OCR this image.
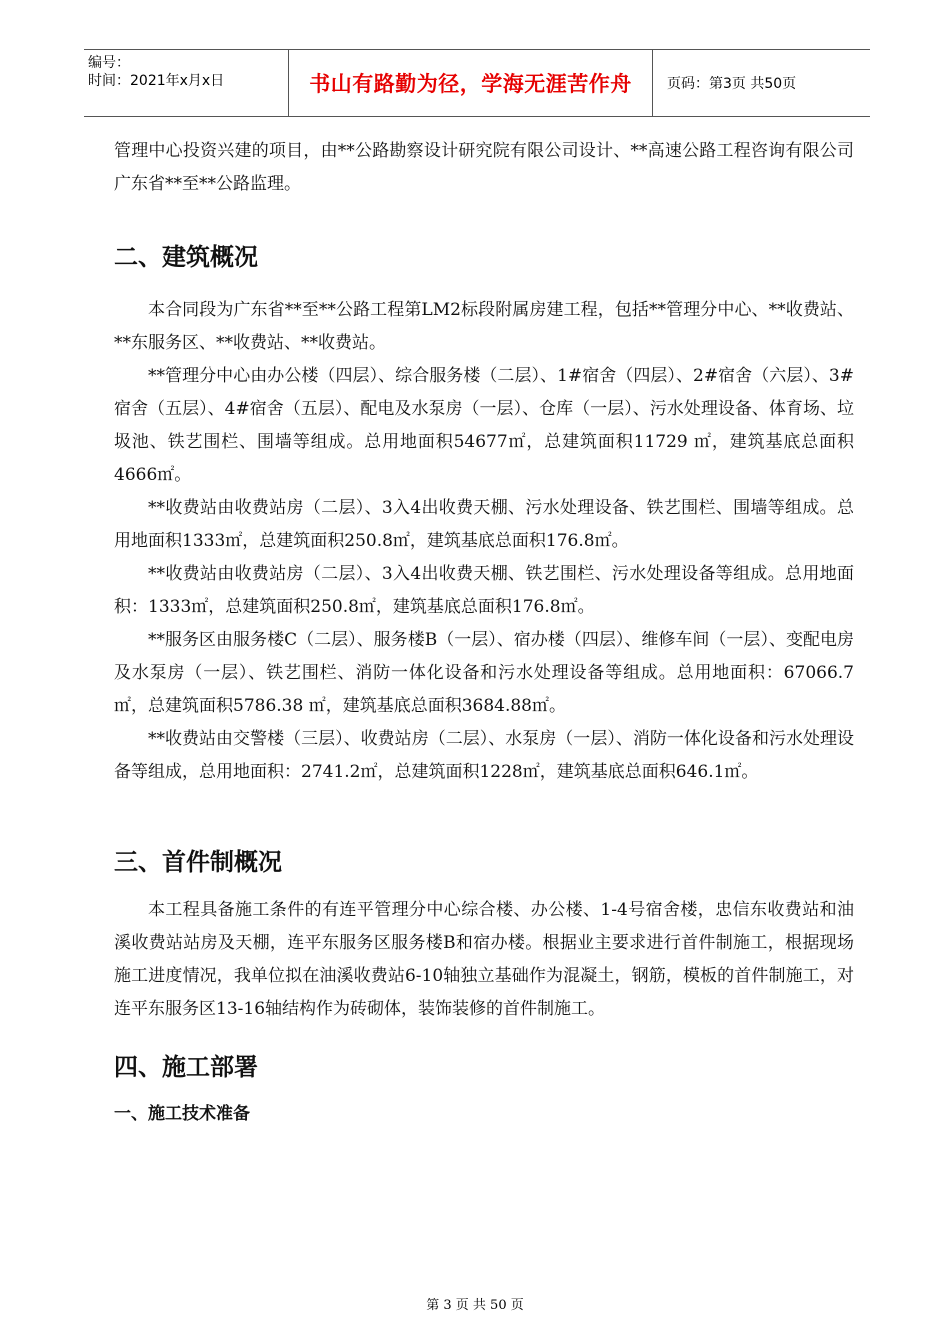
编号：
时间：2021年x月x日	书山有路勤为径，学海无涯苦作舟	页码：第3页 共50页

管理中心投资兴建的项目，由**公路勘察设计研究院有限公司设计、**高速公路工程咨询有限公司广东省**至**公路监理。

二、建筑概况

本合同段为广东省**至**公路工程第LM2标段附属房建工程，包括**管理分中心、**收费站、**东服务区、**收费站、**收费站。

**管理分中心由办公楼（四层）、综合服务楼（二层）、1#宿舍（四层）、2#宿舍（六层）、3#宿舍（五层）、4#宿舍（五层）、配电及水泵房（一层）、仓库（一层）、污水处理设备、体育场、垃圾池、铁艺围栏、围墙等组成。总用地面积54677㎡，总建筑面积11729 ㎡，建筑基底总面积4666㎡。

**收费站由收费站房（二层）、3入4出收费天棚、污水处理设备、铁艺围栏、围墙等组成。总用地面积1333㎡，总建筑面积250.8㎡，建筑基底总面积176.8㎡。

**收费站由收费站房（二层）、3入4出收费天棚、铁艺围栏、污水处理设备等组成。总用地面积：1333㎡，总建筑面积250.8㎡，建筑基底总面积176.8㎡。

**服务区由服务楼C（二层）、服务楼B（一层）、宿办楼（四层）、维修车间（一层）、变配电房及水泵房（一层）、铁艺围栏、消防一体化设备和污水处理设备等组成。总用地面积：67066.7 ㎡，总建筑面积5786.38 ㎡，建筑基底总面积3684.88㎡。

**收费站由交警楼（三层）、收费站房（二层）、水泵房（一层）、消防一体化设备和污水处理设备等组成，总用地面积：2741.2㎡，总建筑面积1228㎡，建筑基底总面积646.1㎡。

三、首件制概况

本工程具备施工条件的有连平管理分中心综合楼、办公楼、1-4号宿舍楼，忠信东收费站和油溪收费站站房及天棚，连平东服务区服务楼B和宿办楼。根据业主要求进行首件制施工，根据现场施工进度情况，我单位拟在油溪收费站6-10轴独立基础作为混凝土，钢筋，模板的首件制施工，对连平东服务区13-16轴结构作为砖砌体，装饰装修的首件制施工。

四、施工部署
一、施工技术准备
第 3 页 共 50 页
